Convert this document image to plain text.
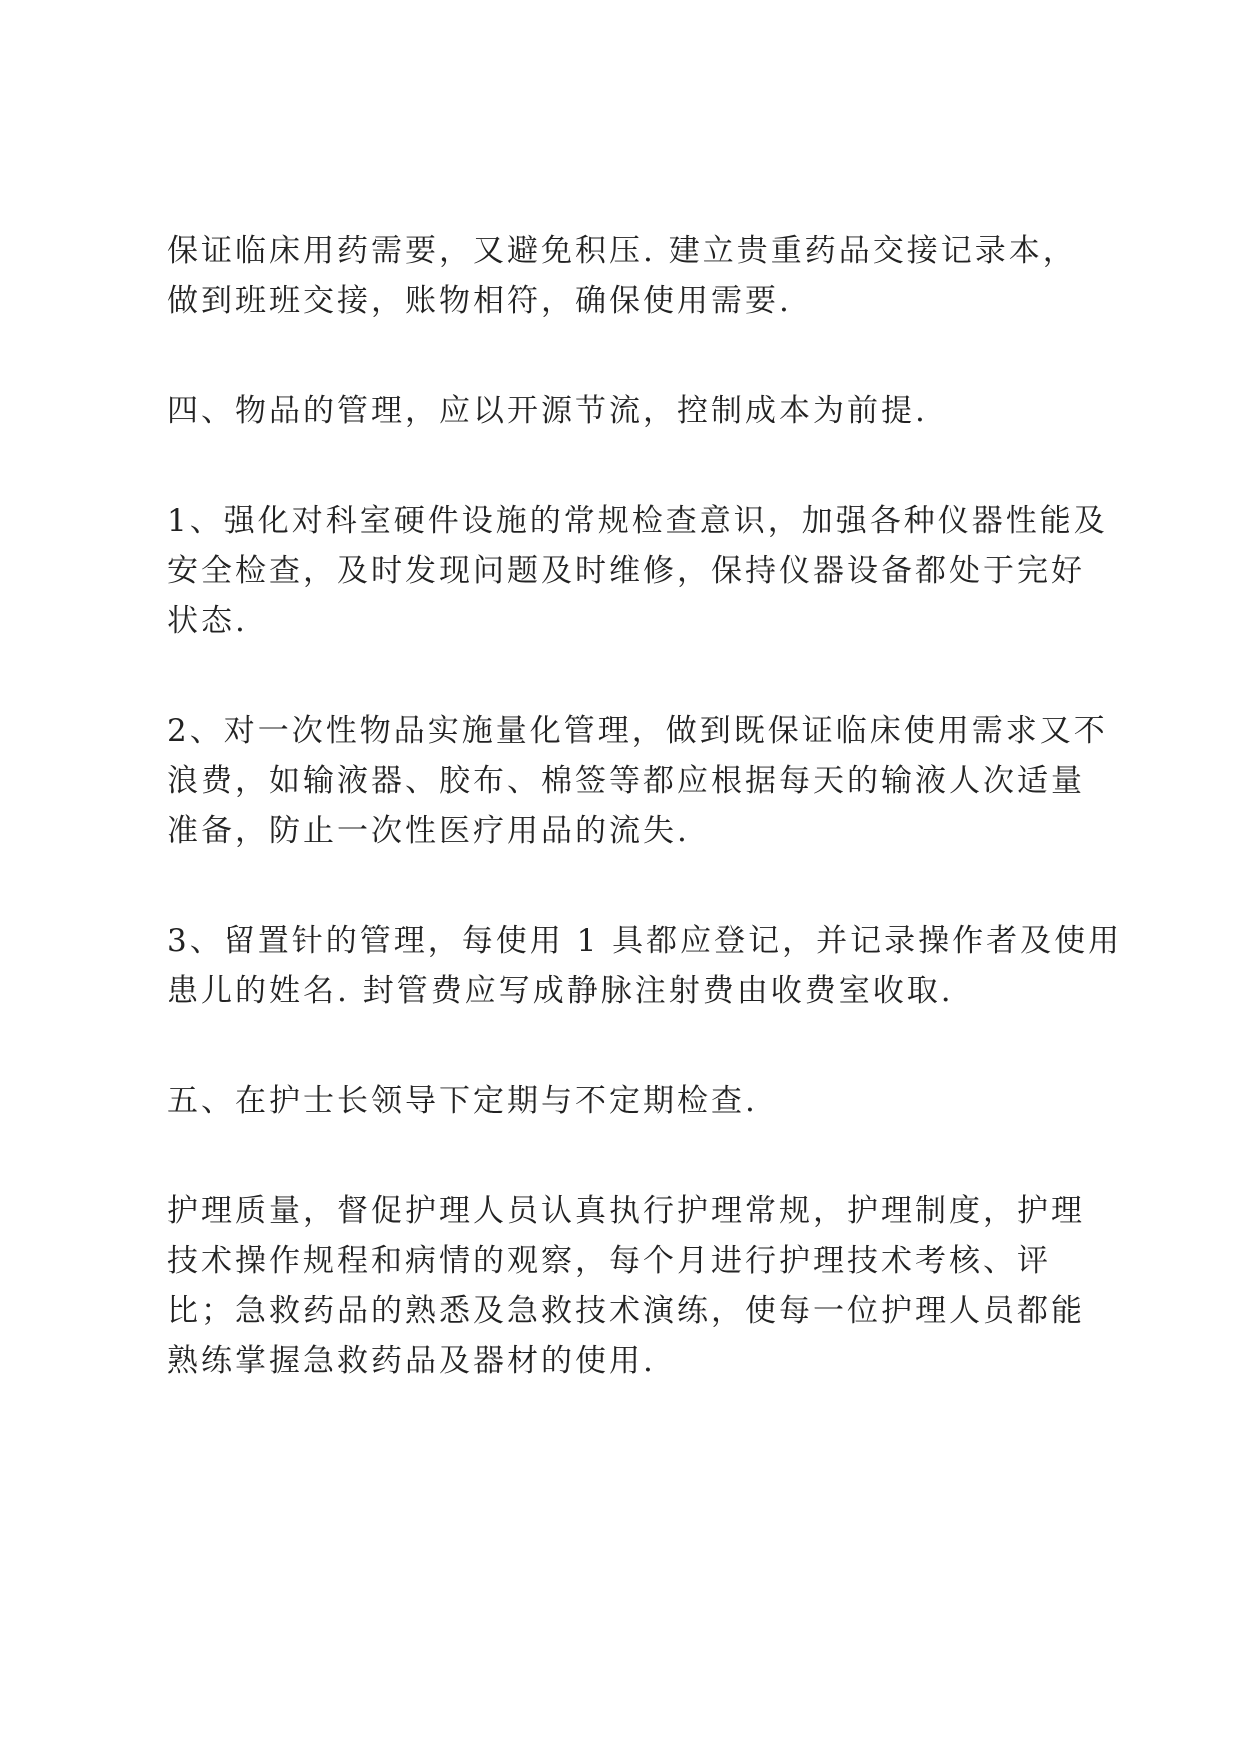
保证临床用药需要，又避免积压. 建立贵重药品交接记录本，
做到班班交接，账物相符，确保使用需要.

四、物品的管理，应以开源节流，控制成本为前提.

1、强化对科室硬件设施的常规检查意识，加强各种仪器性能及
安全检查，及时发现问题及时维修，保持仪器设备都处于完好
状态.

2、对一次性物品实施量化管理，做到既保证临床使用需求又不
浪费，如输液器、胶布、棉签等都应根据每天的输液人次适量
准备，防止一次性医疗用品的流失.

3、留置针的管理，每使用 1 具都应登记，并记录操作者及使用
患儿的姓名. 封管费应写成静脉注射费由收费室收取.

五、在护士长领导下定期与不定期检查.

护理质量，督促护理人员认真执行护理常规，护理制度，护理
技术操作规程和病情的观察，每个月进行护理技术考核、评
比；急救药品的熟悉及急救技术演练，使每一位护理人员都能
熟练掌握急救药品及器材的使用.
